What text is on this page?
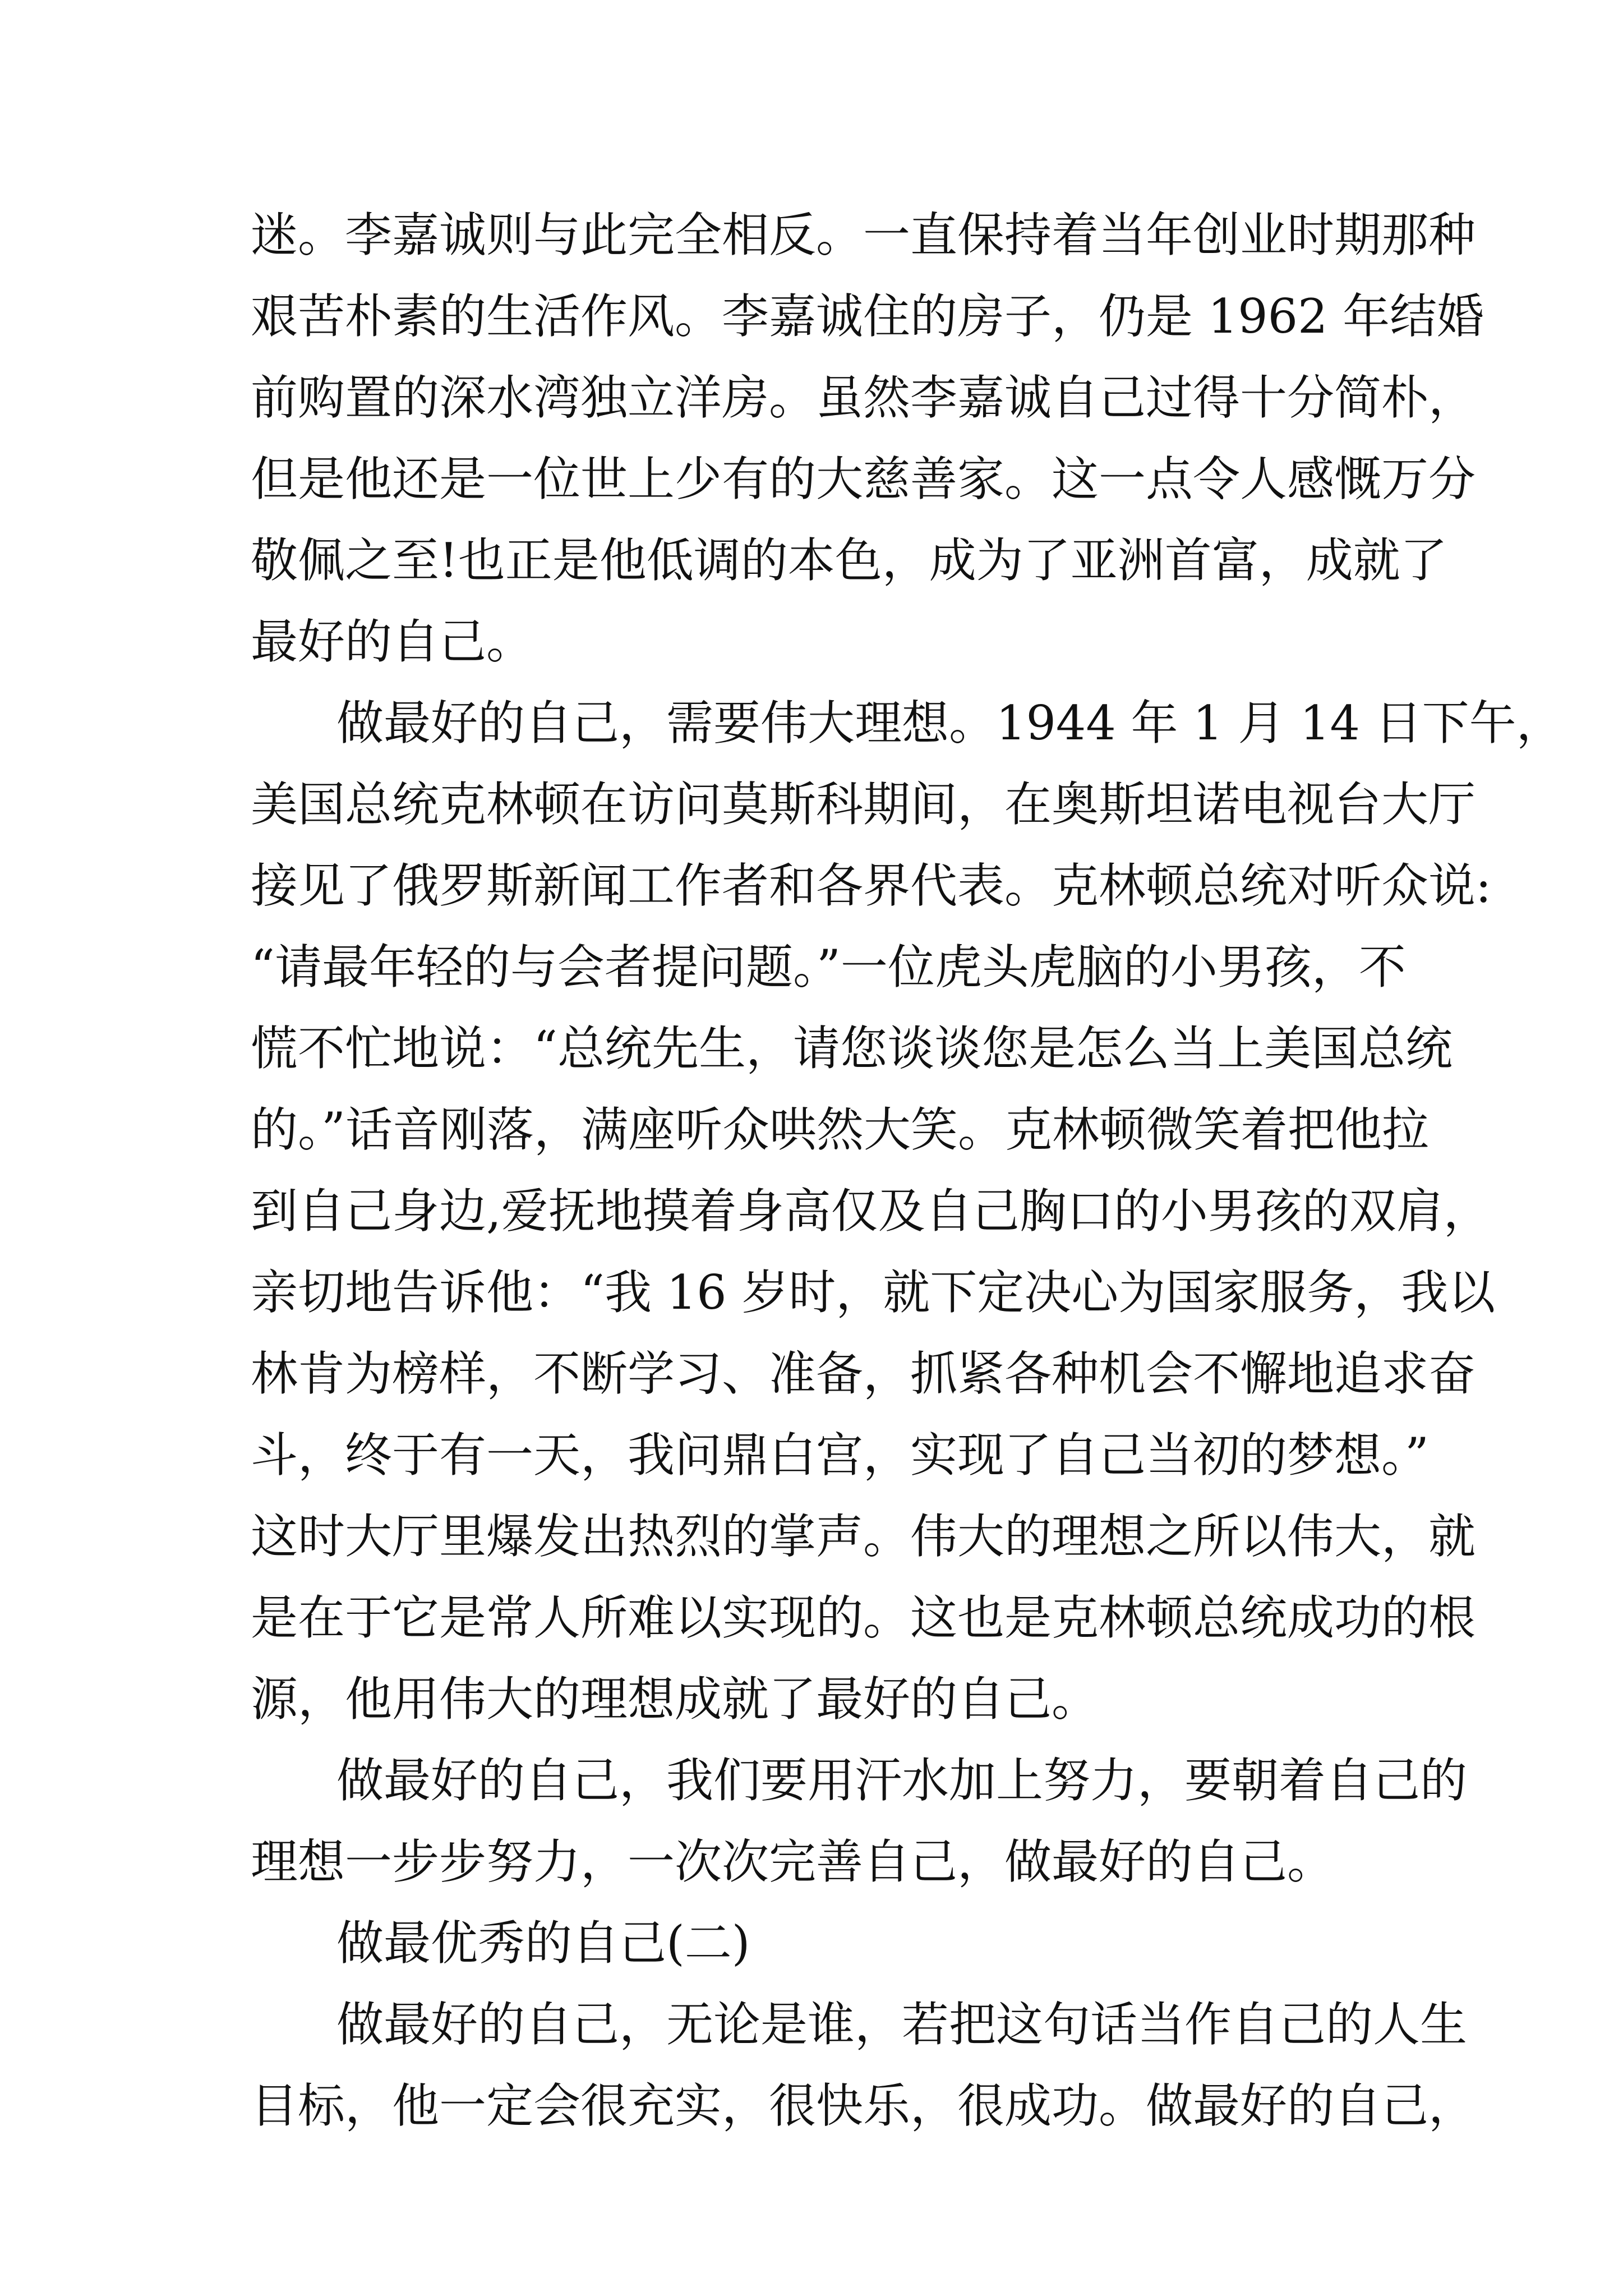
迷。李嘉诚则与此完全相反。一直保持着当年创业时期那种
艰苦朴素的生活作风。李嘉诚住的房子，仍是 1962 年结婚
前购置的深水湾独立洋房。虽然李嘉诚自己过得十分简朴，
但是他还是一位世上少有的大慈善家。这一点令人感慨万分
敬佩之至!也正是他低调的本色，成为了亚洲首富，成就了
最好的自己。
做最好的自己，需要伟大理想。1944 年 1 月 14 日下午，
美国总统克林顿在访问莫斯科期间，在奥斯坦诺电视台大厅
接见了俄罗斯新闻工作者和各界代表。克林顿总统对听众说:
“请最年轻的与会者提问题。”一位虎头虎脑的小男孩，不
慌不忙地说：“总统先生，请您谈谈您是怎么当上美国总统
的。”话音刚落，满座听众哄然大笑。克林顿微笑着把他拉
到自己身边,爱抚地摸着身高仅及自己胸口的小男孩的双肩，
亲切地告诉他：“我 16 岁时，就下定决心为国家服务，我以
林肯为榜样，不断学习、准备，抓紧各种机会不懈地追求奋
斗，终于有一天，我问鼎白宫，实现了自己当初的梦想。”
这时大厅里爆发出热烈的掌声。伟大的理想之所以伟大，就
是在于它是常人所难以实现的。这也是克林顿总统成功的根
源，他用伟大的理想成就了最好的自己。
做最好的自己，我们要用汗水加上努力，要朝着自己的
理想一步步努力，一次次完善自己，做最好的自己。
做最优秀的自己(二)
做最好的自己，无论是谁，若把这句话当作自己的人生
目标，他一定会很充实，很快乐，很成功。做最好的自己，
